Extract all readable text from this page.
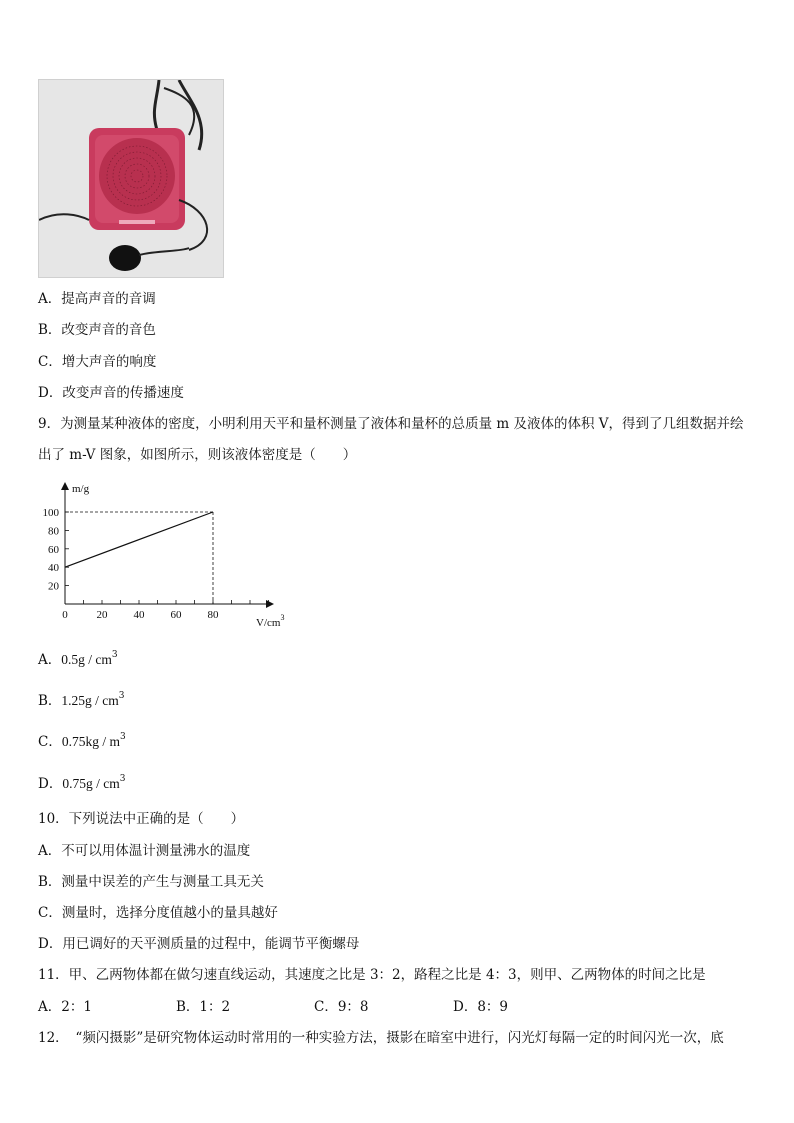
A．提高声音的音调
B．改变声音的音色
C．增大声音的响度
D．改变声音的传播速度
9．为测量某种液体的密度，小明利用天平和量杯测量了液体和量杯的总质量 m 及液体的体积 V，得到了几组数据并绘
出了 m-V 图象，如图所示，则该液体密度是（　　）
m/g
$V/cm^3$
0	20 40 60 80
20
40
60
80
100
A．$0.5g / cm^3$
B．$1.25g / cm^3$
C．$0.75kg / m^3$
D．$0.75g / cm^3$
10．下列说法中正确的是（　　）
A．不可以用体温计测量沸水的温度
B．测量中误差的产生与测量工具无关
C．测量时，选择分度值越小的量具越好
D．用已调好的天平测质量的过程中，能调节平衡螺母
11．甲、乙两物体都在做匀速直线运动，其速度之比是 3：2，路程之比是 4：3，则甲、乙两物体的时间之比是
A．2：1	B．1：2	C．9：8	D．8：9
12．　“频闪摄影”是研究物体运动时常用的一种实验方法，摄影在暗室中进行，闪光灯每隔一定的时间闪光一次，底
